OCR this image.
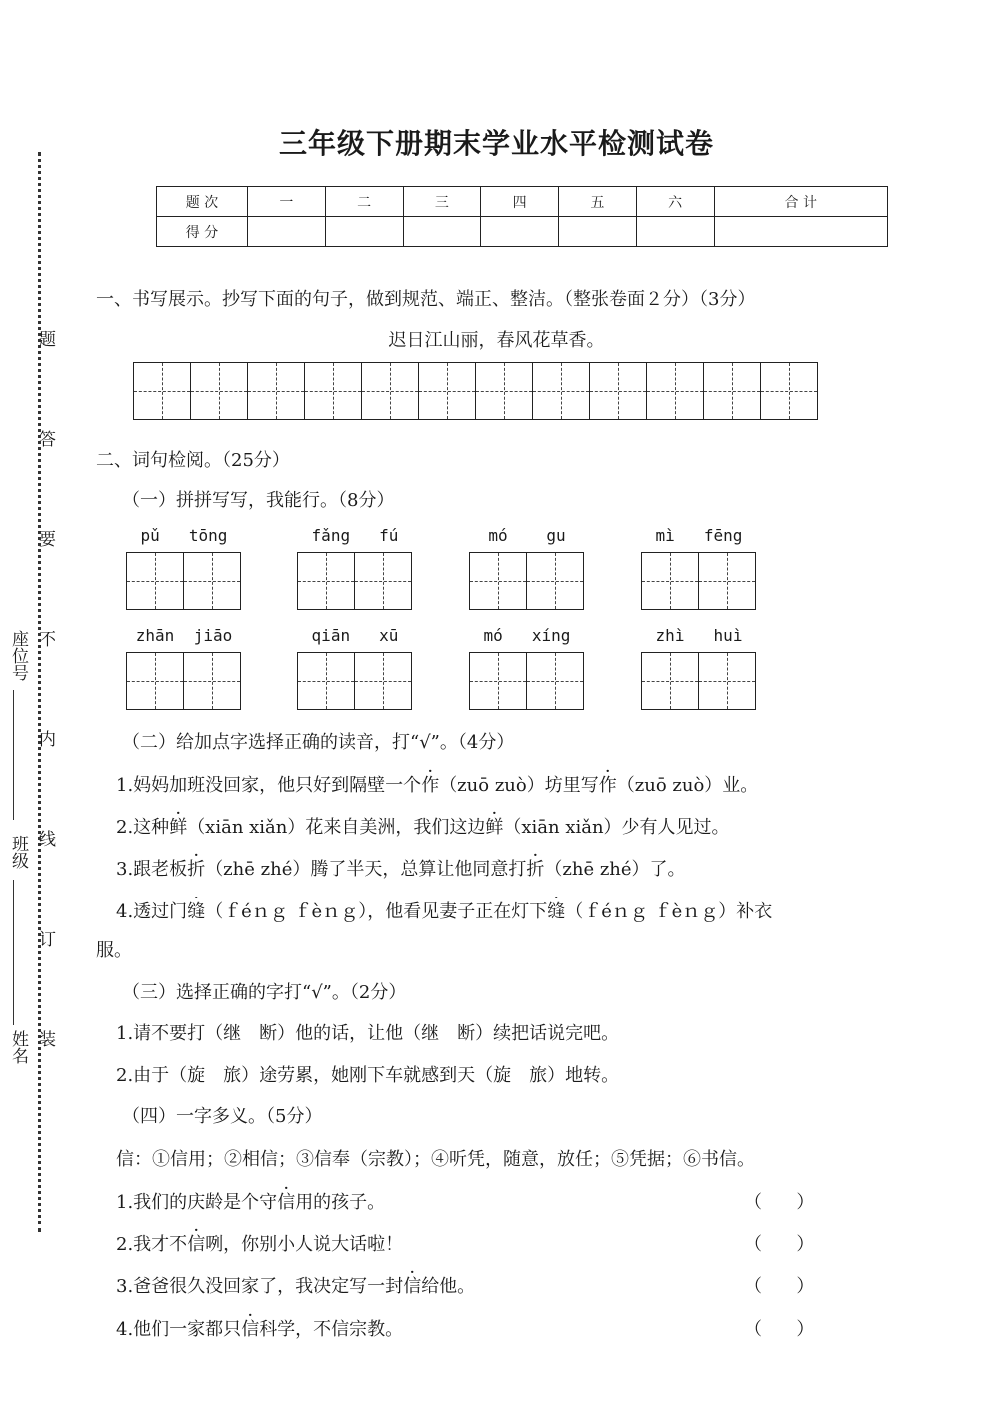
题
答
要
不
内
线
订
装
座位号
班级
姓名
三年级下册期末学业水平检测试卷
题 次	一	二	三	四	五	六	合 计
得 分							
一、书写展示。抄写下面的句子，做到规范、端正、整洁。（整张卷面２分）（3分）
迟日江山丽，春风花草香。
二、词句检阅。（25分）
（一）拼拼写写，我能行。（8分）
pǔ tōng	fǎng fú	mó gu	mì fēng
zhān jiāo	qiān xū	mó xíng	zhì huì
（二）给加点字选择正确的读音，打“√”。（4分）
1.妈妈加班没回家，他只好到隔壁一个作（zuō zuò）坊里写作（zuō zuò）业。
2.这种鲜（xiān xiǎn）花来自美洲，我们这边鲜（xiān xiǎn）少有人见过。
3.跟老板折（zhē zhé）腾了半天，总算让他同意打折（zhē zhé）了。
4.透过门缝（ｆéｎｇ ｆèｎｇ），他看见妻子正在灯下缝（ｆéｎｇ ｆèｎｇ）补衣
服。
（三）选择正确的字打“√”。（2分）
1.请不要打（继　断）他的话，让他（继　断）续把话说完吧。
2.由于（旋　旅）途劳累，她刚下车就感到天（旋　旅）地转。
（四）一字多义。（5分）
信：①信用；②相信；③信奉（宗教）；④听凭，随意，放任；⑤凭据；⑥书信。
1.我们的庆龄是个守信用的孩子。	（      ）
2.我才不信咧，你别小人说大话啦！	（      ）
3.爸爸很久没回家了，我决定写一封信给他。	（      ）
4.他们一家都只信科学，不信宗教。	（      ）
